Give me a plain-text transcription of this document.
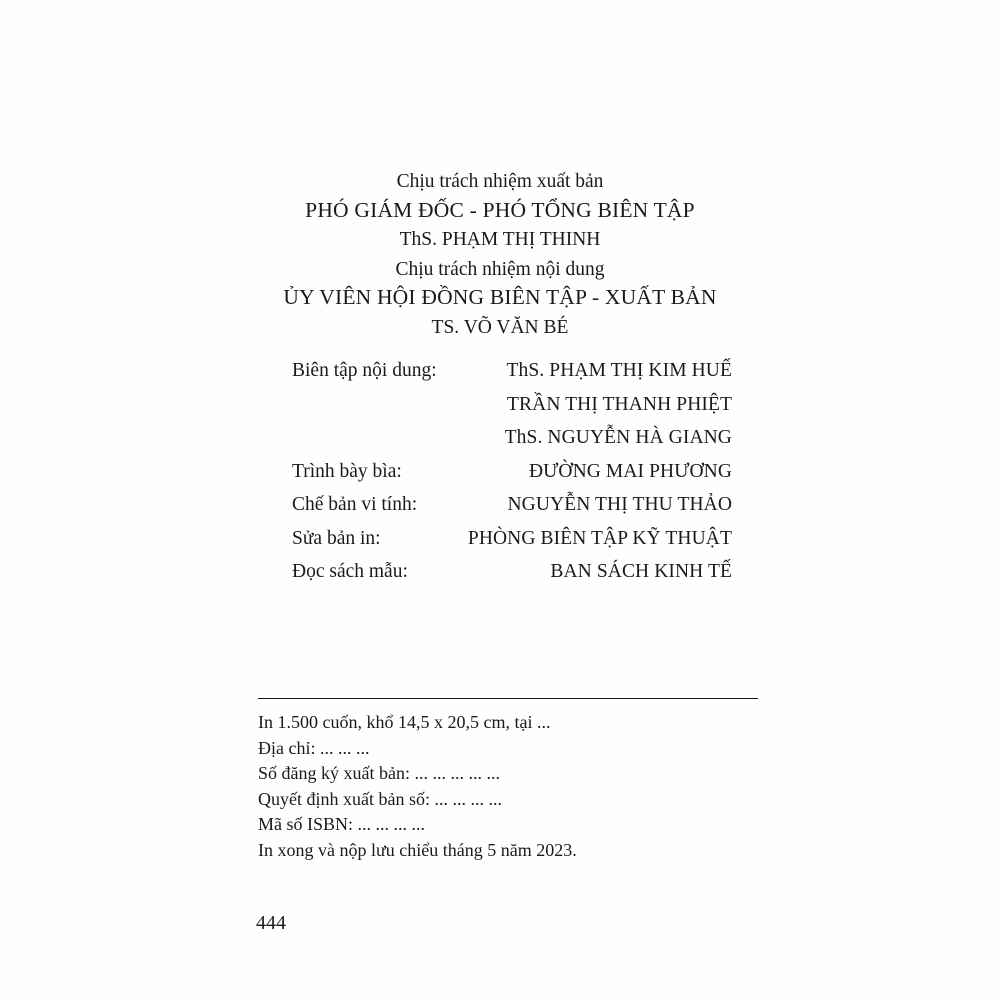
Chịu trách nhiệm xuất bản
PHÓ GIÁM ĐỐC - PHÓ TỔNG BIÊN TẬP
ThS. PHẠM THỊ THINH
Chịu trách nhiệm nội dung
ỦY VIÊN HỘI ĐỒNG BIÊN TẬP - XUẤT BẢN
TS. VÕ VĂN BÉ
Biên tập nội dung:	ThS. PHẠM THỊ KIM HUẾ
TRẦN THỊ THANH PHIỆT
ThS. NGUYỄN HÀ GIANG
Trình bày bìa:	ĐƯỜNG MAI PHƯƠNG
Chế bản vi tính:	NGUYỄN THỊ THU THẢO
Sửa bản in:	PHÒNG BIÊN TẬP KỸ THUẬT
Đọc sách mẫu:	BAN SÁCH KINH TẾ
In 1.500 cuốn, khổ 14,5 x 20,5 cm, tại ...
Địa chỉ: ... ... ...
Số đăng ký xuất bản: ... ... ... ... ...
Quyết định xuất bản số: ... ... ... ...
Mã số ISBN: ... ... ... ...
In xong và nộp lưu chiểu tháng 5 năm 2023.
444
